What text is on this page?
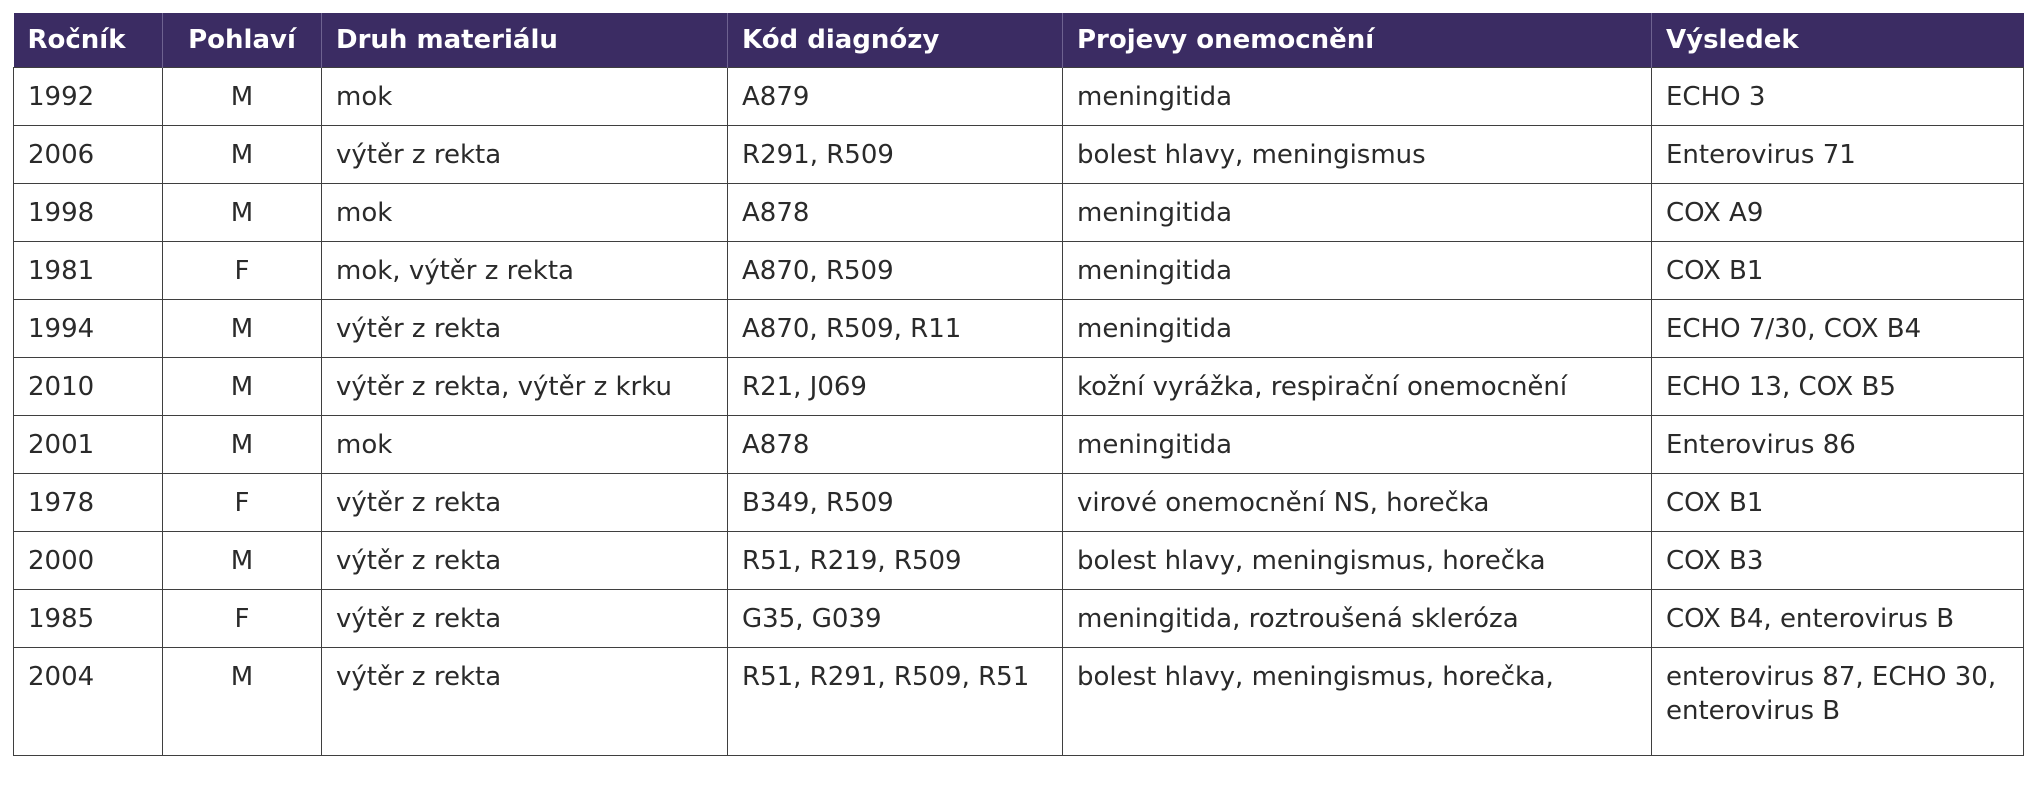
Ročník	Pohlaví	Druh materiálu	Kód diagnózy	Projevy onemocnění	Výsledek
1992	M	mok	A879	meningitida	ECHO 3
2006	M	výtěr z rekta	R291, R509	bolest hlavy, meningismus	Enterovirus 71
1998	M	mok	A878	meningitida	COX A9
1981	F	mok, výtěr z rekta	A870, R509	meningitida	COX B1
1994	M	výtěr z rekta	A870, R509, R11	meningitida	ECHO 7/30, COX B4
2010	M	výtěr z rekta, výtěr z krku	R21, J069	kožní vyrážka, respirační onemocnění	ECHO 13, COX B5
2001	M	mok	A878	meningitida	Enterovirus 86
1978	F	výtěr z rekta	B349, R509	virové onemocnění NS, horečka	COX B1
2000	M	výtěr z rekta	R51, R219, R509	bolest hlavy, meningismus, horečka	COX B3
1985	F	výtěr z rekta	G35, G039	meningitida, roztroušená skleróza	COX B4, enterovirus B
2004	M	výtěr z rekta	R51, R291, R509, R51	bolest hlavy, meningismus, horečka,	enterovirus 87, ECHO 30,
enterovirus B
